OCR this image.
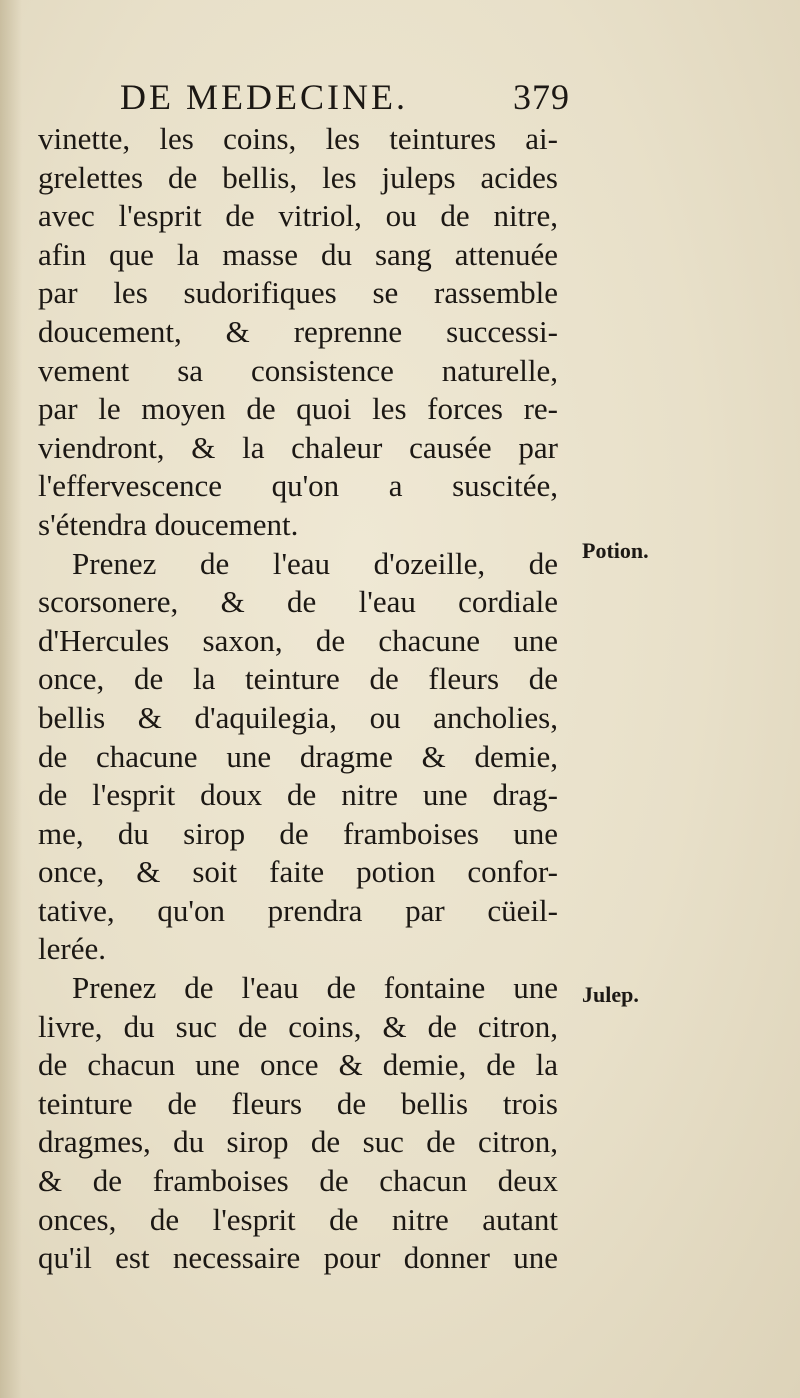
DE MEDECINE.	379
vinette, les coins, les teintures ai-
grelettes de bellis, les juleps acides
avec l'esprit de vitriol, ou de nitre,
afin que la masse du sang attenuée
par les sudorifiques se rassemble
doucement, & reprenne successi-
vement sa consistence naturelle,
par le moyen de quoi les forces re-
viendront, & la chaleur causée par
l'effervescence qu'on a suscitée,
s'étendra doucement.
Prenez de l'eau d'ozeille, de
scorsonere, & de l'eau cordiale
d'Hercules saxon, de chacune une
once, de la teinture de fleurs de
bellis & d'aquilegia, ou ancholies,
de chacune une dragme & demie,
de l'esprit doux de nitre une drag-
me, du sirop de framboises une
once, & soit faite potion confor-
tative, qu'on prendra par cüeil-
lerée.
Prenez de l'eau de fontaine une
livre, du suc de coins, & de citron,
de chacun une once & demie, de la
teinture de fleurs de bellis trois
dragmes, du sirop de suc de citron,
& de framboises de chacun deux
onces, de l'esprit de nitre autant
qu'il est necessaire pour donner une
Potion.
Julep.
